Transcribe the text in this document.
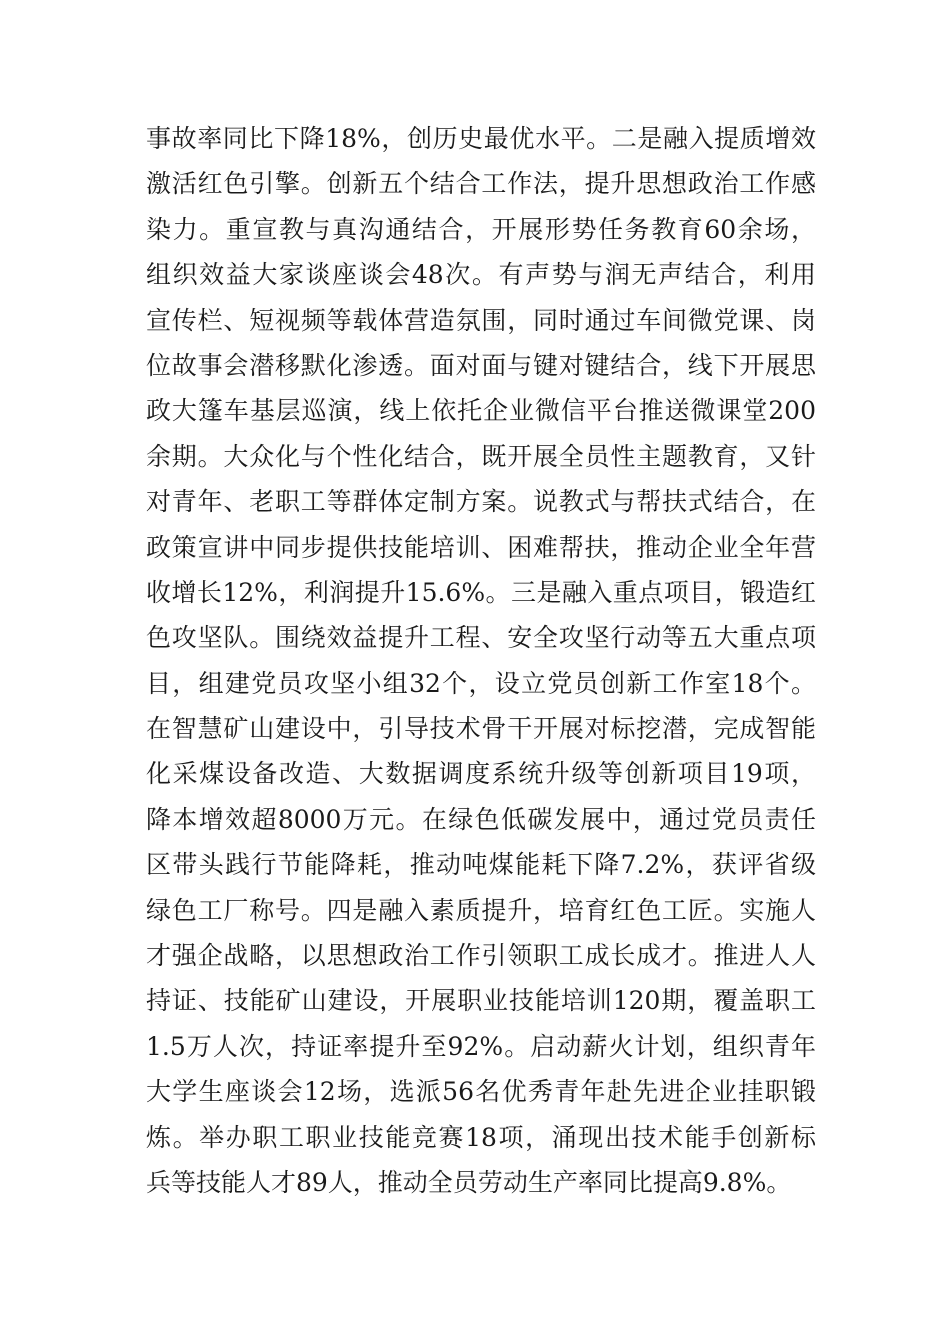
事故率同比下降18%，创历史最优水平。二是融入提质增效
激活红色引擎。创新五个结合工作法，提升思想政治工作感
染力。重宣教与真沟通结合，开展形势任务教育60余场，
组织效益大家谈座谈会48次。有声势与润无声结合，利用
宣传栏、短视频等载体营造氛围，同时通过车间微党课、岗
位故事会潜移默化渗透。面对面与键对键结合，线下开展思
政大篷车基层巡演，线上依托企业微信平台推送微课堂200
余期。大众化与个性化结合，既开展全员性主题教育，又针
对青年、老职工等群体定制方案。说教式与帮扶式结合，在
政策宣讲中同步提供技能培训、困难帮扶，推动企业全年营
收增长12%，利润提升15.6%。三是融入重点项目，锻造红
色攻坚队。围绕效益提升工程、安全攻坚行动等五大重点项
目，组建党员攻坚小组32个，设立党员创新工作室18个。
在智慧矿山建设中，引导技术骨干开展对标挖潜，完成智能
化采煤设备改造、大数据调度系统升级等创新项目19项，
降本增效超8000万元。在绿色低碳发展中，通过党员责任
区带头践行节能降耗，推动吨煤能耗下降7.2%，获评省级
绿色工厂称号。四是融入素质提升，培育红色工匠。实施人
才强企战略，以思想政治工作引领职工成长成才。推进人人
持证、技能矿山建设，开展职业技能培训120期，覆盖职工
1.5万人次，持证率提升至92%。启动薪火计划，组织青年
大学生座谈会12场，选派56名优秀青年赴先进企业挂职锻
炼。举办职工职业技能竞赛18项，涌现出技术能手创新标
兵等技能人才89人，推动全员劳动生产率同比提高9.8%。
